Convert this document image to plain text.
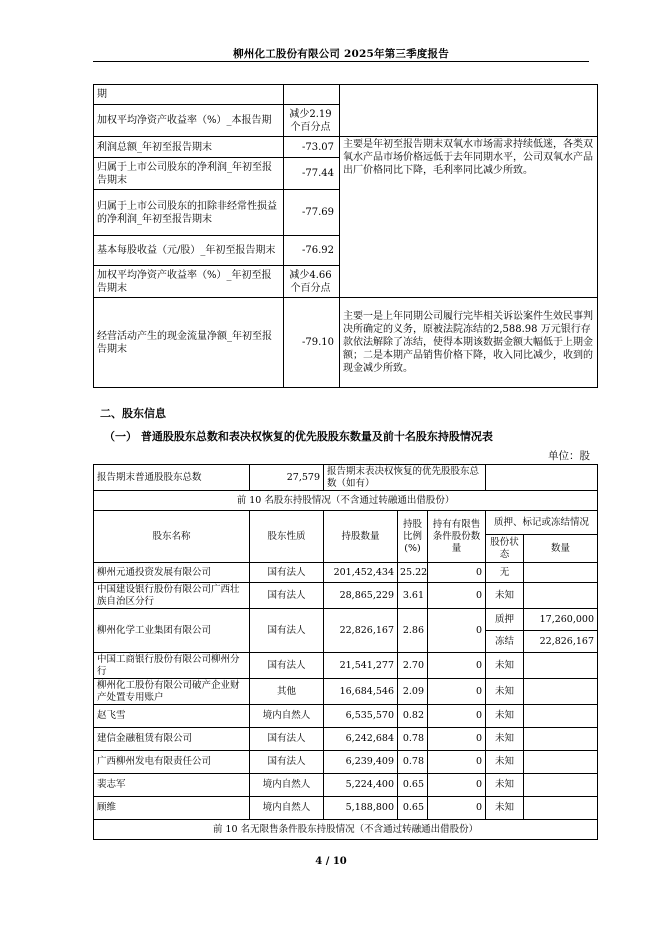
柳州化工股份有限公司 2025年第三季度报告
期		
加权平均净资产收益率（%）_本报告期	减少2.19个百分点	
利润总额_年初至报告期末	-73.07	主要是年初至报告期末双氧水市场需求持续低迷，各类双氧水产品市场价格远低于去年同期水平，公司双氧水产品出厂价格同比下降，毛利率同比减少所致。
归属于上市公司股东的净利润_年初至报告期末	-77.44	
归属于上市公司股东的扣除非经常性损益的净利润_年初至报告期末	-77.69	
基本每股收益（元/股）_年初至报告期末	-76.92	
加权平均净资产收益率（%）_年初至报告期末	减少4.66个百分点	
经营活动产生的现金流量净额_年初至报告期末	-79.10	主要一是上年同期公司履行完毕相关诉讼案件生效民事判决所确定的义务，原被法院冻结的2,588.98 万元银行存款依法解除了冻结，使得本期该数据金额大幅低于上期金额；二是本期产品销售价格下降，收入同比减少，收到的现金减少所致。
二、股东信息
（一） 普通股股东总数和表决权恢复的优先股股东数量及前十名股东持股情况表
单位：股
报告期末普通股股东总数	27,579	报告期末表决权恢复的优先股股东总数（如有）				
前 10 名股东持股情况（不含通过转融通出借股份）						
股东名称	股东性质	持股数量	持股比例(%)	持有有限售条件股份数量	质押、标记或冻结情况	
					股份状态	数量
柳州元通投资发展有限公司	国有法人	201,452,434	25.22	0	无	
中国建设银行股份有限公司广西壮族自治区分行	国有法人	28,865,229	3.61	0	未知	
柳州化学工业集团有限公司	国有法人	22,826,167	2.86	0	质押	17,260,000
					冻结	22,826,167
中国工商银行股份有限公司柳州分行	国有法人	21,541,277	2.70	0	未知	
柳州化工股份有限公司破产企业财产处置专用账户	其他	16,684,546	2.09	0	未知	
赵飞雪	境内自然人	6,535,570	0.82	0	未知	
建信金融租赁有限公司	国有法人	6,242,684	0.78	0	未知	
广西柳州发电有限责任公司	国有法人	6,239,409	0.78	0	未知	
裴志军	境内自然人	5,224,400	0.65	0	未知	
顾维	境内自然人	5,188,800	0.65	0	未知	
前 10 名无限售条件股东持股情况（不含通过转融通出借股份）						
4 / 10
